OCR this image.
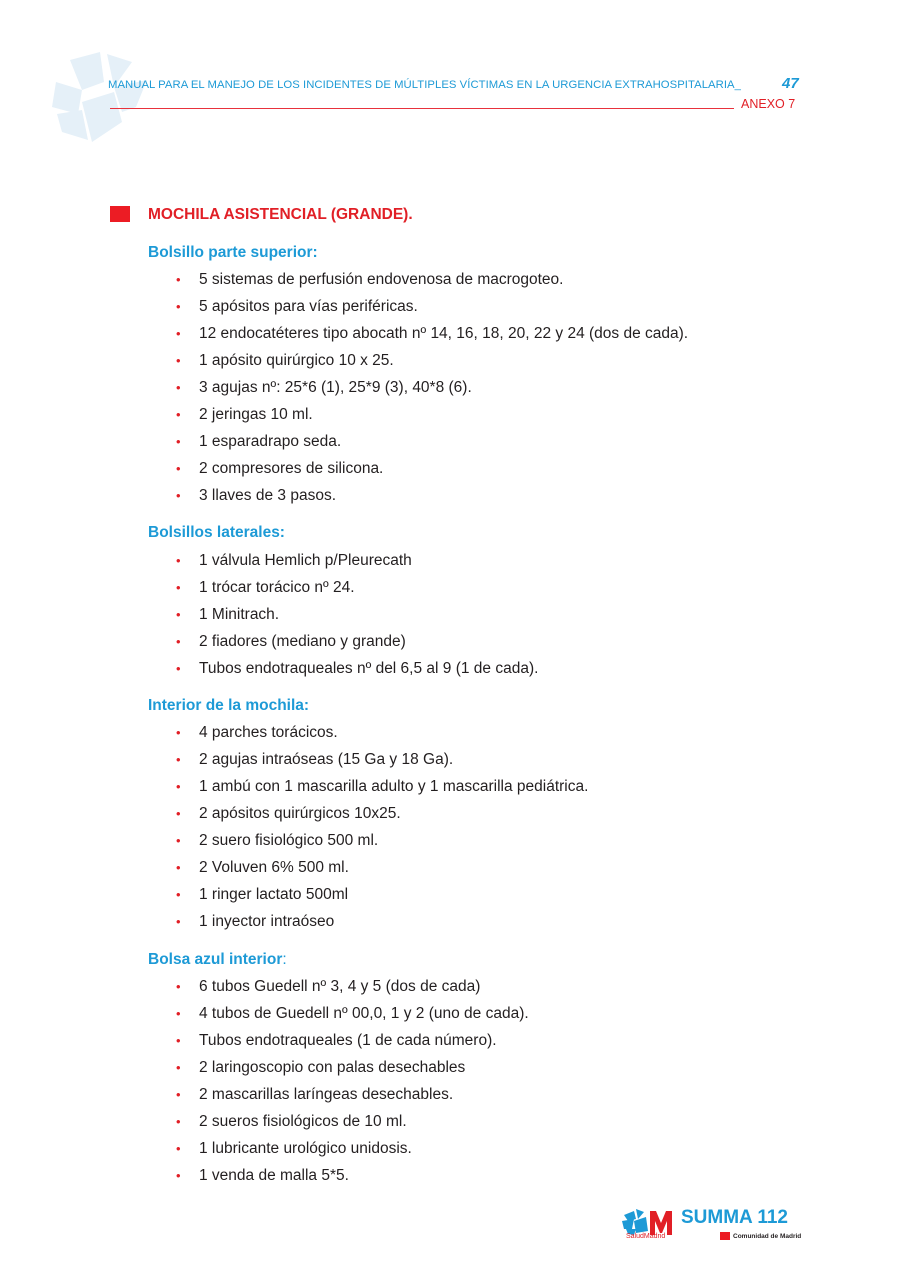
MANUAL PARA EL MANEJO DE LOS INCIDENTES DE MÚLTIPLES VÍCTIMAS EN LA URGENCIA EXTRAHOSPITALARIA_	47
ANEXO 7
MOCHILA ASISTENCIAL (GRANDE).
Bolsillo parte superior:
• 5 sistemas de perfusión endovenosa de macrogoteo.
• 5 apósitos para vías periféricas.
• 12 endocatéteres tipo abocath nº 14, 16, 18, 20, 22 y 24 (dos de cada).
• 1 apósito quirúrgico 10 x 25.
• 3 agujas nº: 25*6 (1), 25*9 (3), 40*8 (6).
• 2 jeringas 10 ml.
• 1 esparadrapo seda.
• 2 compresores de silicona.
• 3 llaves de 3 pasos.
Bolsillos laterales:
• 1 válvula Hemlich p/Pleurecath
• 1 trócar torácico nº 24.
• 1 Minitrach.
• 2 fiadores (mediano y grande)
• Tubos endotraqueales nº del 6,5 al 9 (1 de cada).
Interior de la mochila:
• 4 parches torácicos.
• 2 agujas intraóseas (15 Ga y 18 Ga).
• 1 ambú con 1 mascarilla adulto y 1 mascarilla pediátrica.
• 2 apósitos quirúrgicos 10x25.
• 2 suero fisiológico 500 ml.
• 2 Voluven 6% 500 ml.
• 1 ringer lactato 500ml
• 1 inyector intraóseo
Bolsa azul interior:
• 6 tubos Guedell nº 3, 4 y 5 (dos de cada)
• 4 tubos de Guedell nº 00,0, 1 y 2 (uno de cada).
• Tubos endotraqueales (1 de cada número).
• 2 laringoscopio con palas desechables
• 2 mascarillas laríngeas desechables.
• 2 sueros fisiológicos de 10 ml.
• 1 lubricante urológico unidosis.
• 1 venda de malla 5*5.
SaludMadrid
SUMMA 112
Comunidad de Madrid
